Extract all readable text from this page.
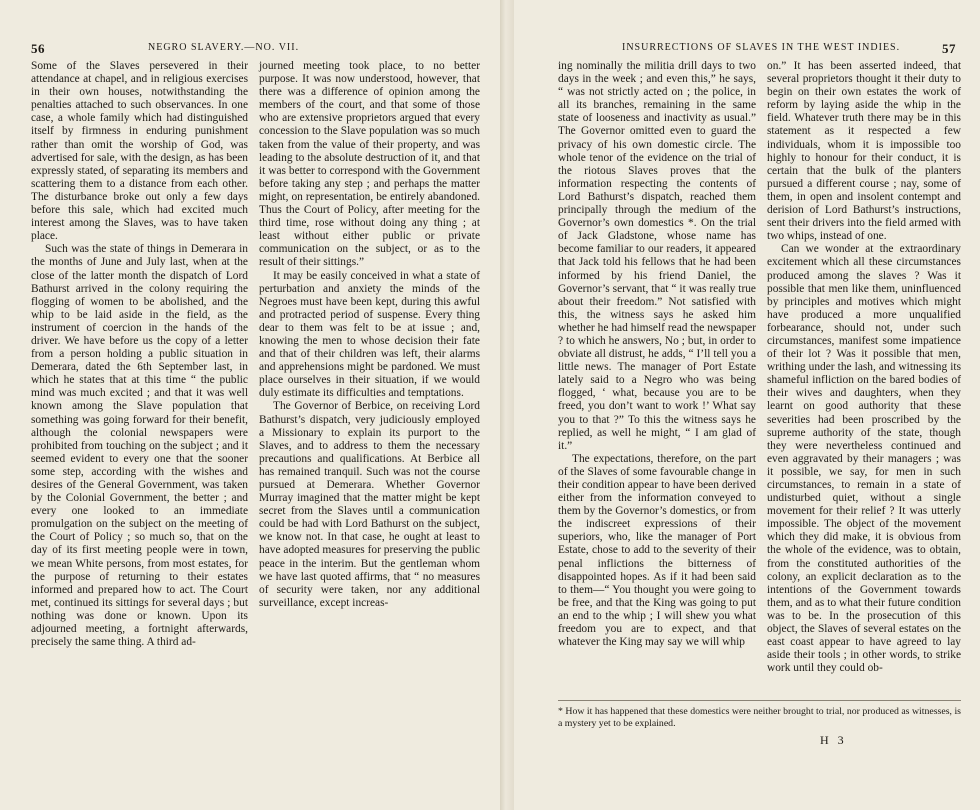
56	NEGRO SLAVERY.—NO. VII.

Some of the Slaves persevered in their attendance at chapel, and in religious exercises in their own houses, notwithstanding the penalties attached to such observances. In one case, a whole family which had distinguished itself by firmness in enduring punishment rather than omit the worship of God, was advertised for sale, with the design, as has been expressly stated, of separating its members and scattering them to a distance from each other. The disturbance broke out only a few days before this sale, which had excited much interest among the Slaves, was to have taken place.

Such was the state of things in Demerara in the months of June and July last, when at the close of the latter month the dispatch of Lord Bathurst arrived in the colony requiring the flogging of women to be abolished, and the whip to be laid aside in the field, as the instrument of coercion in the hands of the driver. We have before us the copy of a letter from a person holding a public situation in Demerara, dated the 6th September last, in which he states that at this time “ the public mind was much excited ; and that it was well known among the Slave population that something was going forward for their benefit, although the colonial newspapers were prohibited from touching on the subject ; and it seemed evident to every one that the sooner some step, according with the wishes and desires of the General Government, was taken by the Colonial Government, the better ; and every one looked to an immediate promulgation on the subject on the meeting of the Court of Policy ; so much so, that on the day of its first meeting people were in town, we mean White persons, from most estates, for the purpose of returning to their estates informed and prepared how to act. The Court met, continued its sittings for several days ; but nothing was done or known. Upon its adjourned meeting, a fortnight afterwards, precisely the same thing. A third ad-

journed meeting took place, to no better purpose. It was now understood, however, that there was a difference of opinion among the members of the court, and that some of those who are extensive proprietors argued that every concession to the Slave population was so much taken from the value of their property, and was leading to the absolute destruction of it, and that it was better to correspond with the Government before taking any step ; and perhaps the matter might, on representation, be entirely abandoned. Thus the Court of Policy, after meeting for the third time, rose without doing any thing ; at least without either public or private communication on the subject, or as to the result of their sittings.”

It may be easily conceived in what a state of perturbation and anxiety the minds of the Negroes must have been kept, during this awful and protracted period of suspense. Every thing dear to them was felt to be at issue ; and, knowing the men to whose decision their fate and that of their children was left, their alarms and apprehensions might be pardoned. We must place ourselves in their situation, if we would duly estimate its difficulties and temptations.

The Governor of Berbice, on receiving Lord Bathurst’s dispatch, very judiciously employed a Missionary to explain its purport to the Slaves, and to address to them the necessary precautions and qualifications. At Berbice all has remained tranquil. Such was not the course pursued at Demerara. Whether Governor Murray imagined that the matter might be kept secret from the Slaves until a communication could be had with Lord Bathurst on the subject, we know not. In that case, he ought at least to have adopted measures for preserving the public peace in the interim. But the gentleman whom we have last quoted affirms, that “ no measures of security were taken, nor any additional surveillance, except increas-

INSURRECTIONS OF SLAVES IN THE WEST INDIES.	57

ing nominally the militia drill days to two days in the week ; and even this,” he says, “ was not strictly acted on ; the police, in all its branches, remaining in the same state of looseness and inactivity as usual.” The Governor omitted even to guard the privacy of his own domestic circle. The whole tenor of the evidence on the trial of the riotous Slaves proves that the information respecting the contents of Lord Bathurst’s dispatch, reached them principally through the medium of the Governor’s own domestics *. On the trial of Jack Gladstone, whose name has become familiar to our readers, it appeared that Jack told his fellows that he had been informed by his friend Daniel, the Governor’s servant, that “ it was really true about their freedom.” Not satisfied with this, the witness says he asked him whether he had himself read the newspaper ? to which he answers, No ; but, in order to obviate all distrust, he adds, “ I’ll tell you a little news. The manager of Port Estate lately said to a Negro who was being flogged, ‘ what, because you are to be freed, you don’t want to work !’ What say you to that ?” To this the witness says he replied, as well he might, “ I am glad of it.”

The expectations, therefore, on the part of the Slaves of some favourable change in their condition appear to have been derived either from the information conveyed to them by the Governor’s domestics, or from the indiscreet expressions of their superiors, who, like the manager of Port Estate, chose to add to the severity of their penal inflictions the bitterness of disappointed hopes. As if it had been said to them—“ You thought you were going to be free, and that the King was going to put an end to the whip ; I will shew you what freedom you are to expect, and that whatever the King may say we will whip

on.” It has been asserted indeed, that several proprietors thought it their duty to begin on their own estates the work of reform by laying aside the whip in the field. Whatever truth there may be in this statement as it respected a few individuals, whom it is impossible too highly to honour for their conduct, it is certain that the bulk of the planters pursued a different course ; nay, some of them, in open and insolent contempt and derision of Lord Bathurst’s instructions, sent their drivers into the field armed with two whips, instead of one.

Can we wonder at the extraordinary excitement which all these circumstances produced among the slaves ? Was it possible that men like them, uninfluenced by principles and motives which might have produced a more unqualified forbearance, should not, under such circumstances, manifest some impatience of their lot ? Was it possible that men, writhing under the lash, and witnessing its shameful infliction on the bared bodies of their wives and daughters, when they learnt on good authority that these severities had been proscribed by the supreme authority of the state, though they were nevertheless continued and even aggravated by their managers ; was it possible, we say, for men in such circumstances, to remain in a state of undisturbed quiet, without a single movement for their relief ? It was utterly impossible. The object of the movement which they did make, it is obvious from the whole of the evidence, was to obtain, from the constituted authorities of the colony, an explicit declaration as to the intentions of the Government towards them, and as to what their future condition was to be. In the prosecution of this object, the Slaves of several estates on the east coast appear to have agreed to lay aside their tools ; in other words, to strike work until they could ob-

* How it has happened that these domestics were neither brought to trial, nor produced as witnesses, is a mystery yet to be explained.
H 3
